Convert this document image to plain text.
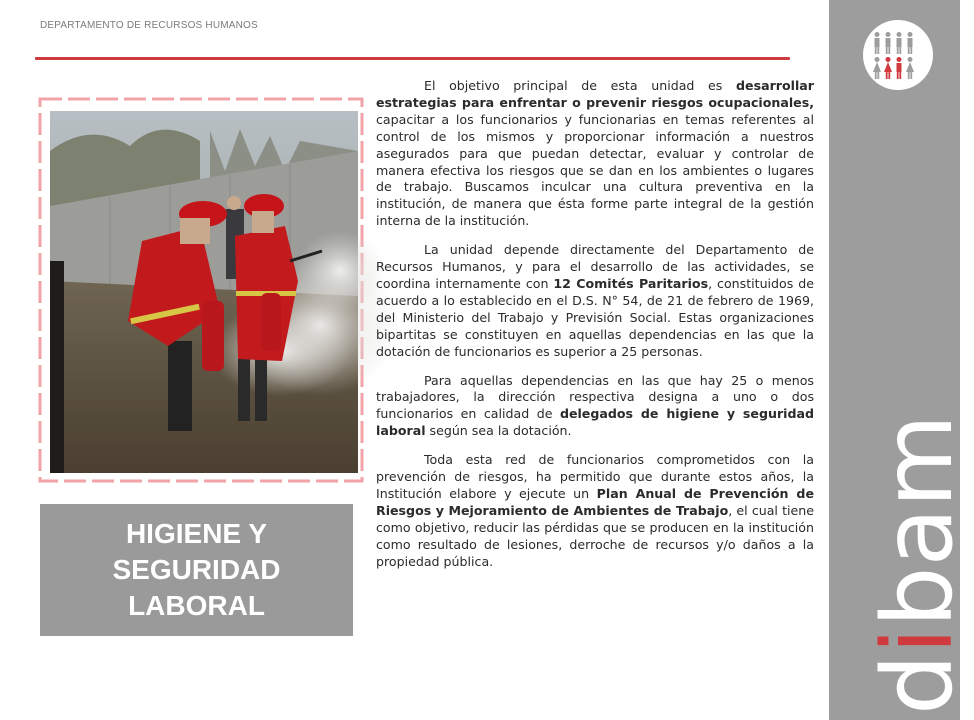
DEPARTAMENTO DE RECURSOS HUMANOS
HIGIENE Y SEGURIDAD LABORAL

El objetivo principal de esta unidad es desarrollar estrategias para enfrentar o prevenir riesgos ocupacionales, capacitar a los funcionarios y funcionarias en temas referentes al control de los mismos y proporcionar información a nuestros asegurados para que puedan detectar, evaluar y controlar de manera efectiva los riesgos que se dan en los ambientes o lugares de trabajo. Buscamos inculcar una cultura preventiva en la institución, de manera que ésta forme parte integral de la gestión interna de la institución.

La unidad depende directamente del Departamento de Recursos Humanos, y para el desarrollo de las actividades, se coordina internamente con 12 Comités Paritarios, constituidos de acuerdo a lo establecido en el D.S. N° 54, de 21 de febrero de 1969, del Ministerio del Trabajo y Previsión Social. Estas organizaciones bipartitas se constituyen en aquellas dependencias en las que la dotación de funcionarios es superior a 25 personas.

Para aquellas dependencias en las que hay 25 o menos trabajadores, la dirección respectiva designa a uno o dos funcionarios en calidad de delegados de higiene y seguridad laboral según sea la dotación.

Toda esta red de funcionarios comprometidos con la prevención de riesgos, ha permitido que durante estos años, la Institución elabore y ejecute un Plan Anual de Prevención de Riesgos y Mejoramiento de Ambientes de Trabajo, el cual tiene como objetivo, reducir las pérdidas que se producen en la institución como resultado de lesiones, derroche de recursos y/o daños a la propiedad pública.

dibam
